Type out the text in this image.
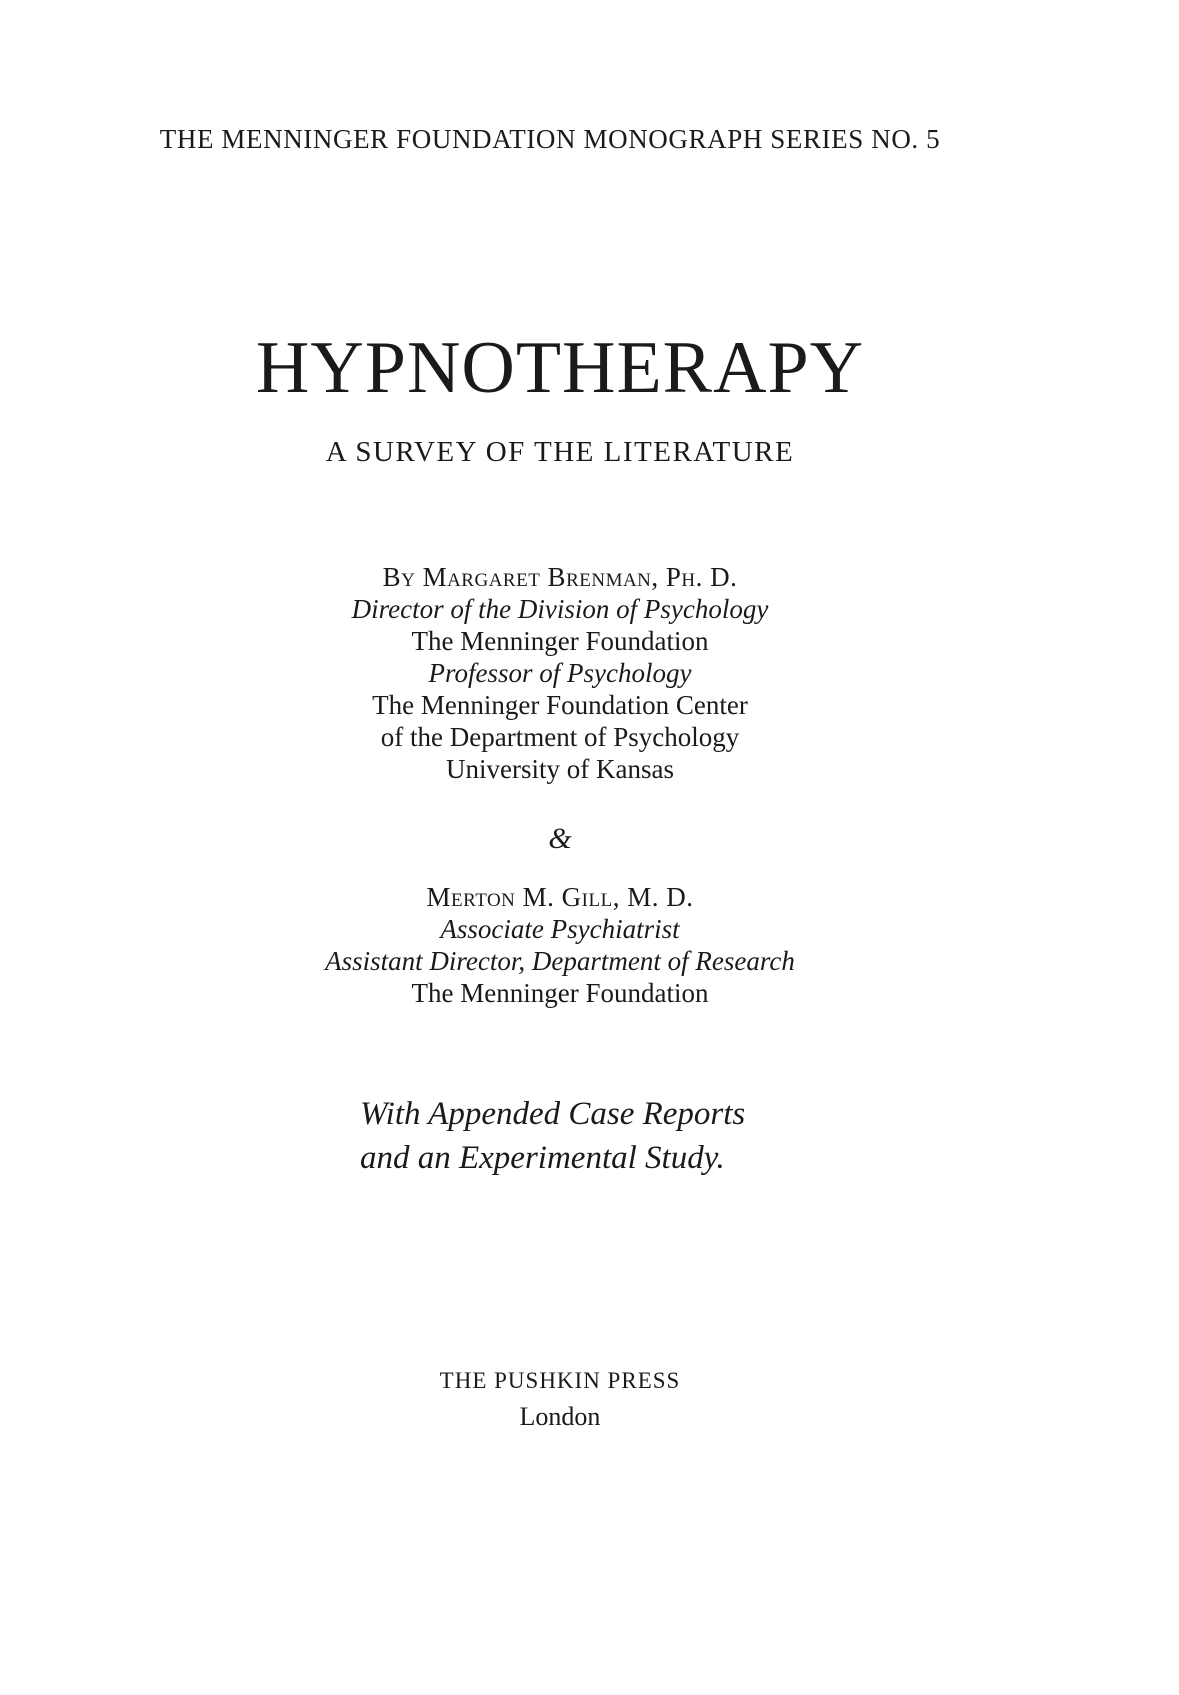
THE MENNINGER FOUNDATION MONOGRAPH SERIES NO. 5
HYPNOTHERAPY
A SURVEY OF THE LITERATURE
By Margaret Brenman, Ph. D.
Director of the Division of Psychology
The Menninger Foundation
Professor of Psychology
The Menninger Foundation Center
of the Department of Psychology
University of Kansas
&
Merton M. Gill, M. D.
Associate Psychiatrist
Assistant Director, Department of Research
The Menninger Foundation
With Appended Case Reports
and an Experimental Study.
THE PUSHKIN PRESS
London
